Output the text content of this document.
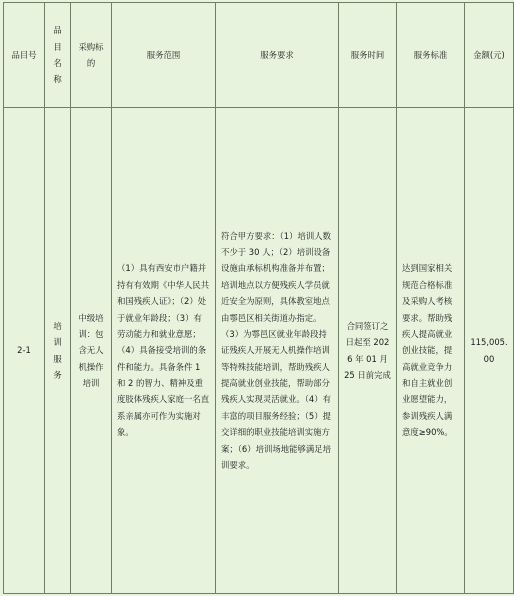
品目号	品目名称	采购标的	服务范围	服务要求	服务时间	服务标准	金额(元)
2-1	培训服务	中级培训：包含无人机操作培训	（1）具有西安市户籍并持有有效期《中华人民共和国残疾人证》；（2）处于就业年龄段；（3）有劳动能力和就业意愿；（4）具备接受培训的条件和能力。具备条件 1 和 2 的智力、精神及重度肢体残疾人家庭一名直系亲属亦可作为实施对象。	符合甲方要求：（1）培训人数不少于 30 人；（2）培训设备设施由承标机构准备并布置；培训地点以方便残疾人学员就近安全为原则，具体教室地点由鄠邑区相关街道办指定。（3）为鄠邑区就业年龄段持证残疾人开展无人机操作培训等特殊技能培训，帮助残疾人提高就业创业技能，帮助部分残疾人实现灵活就业。（4）有丰富的项目服务经验；（5）提交详细的职业技能培训实施方案；（6）培训场地能够满足培训要求。	合同签订之日起至 2026 年 01 月 25 日前完成	达到国家相关规范合格标准及采购人考核要求。帮助残疾人提高就业创业技能，提高就业竞争力和自主就业创业愿望能力，参训残疾人满意度≥90%。	115,005.00
